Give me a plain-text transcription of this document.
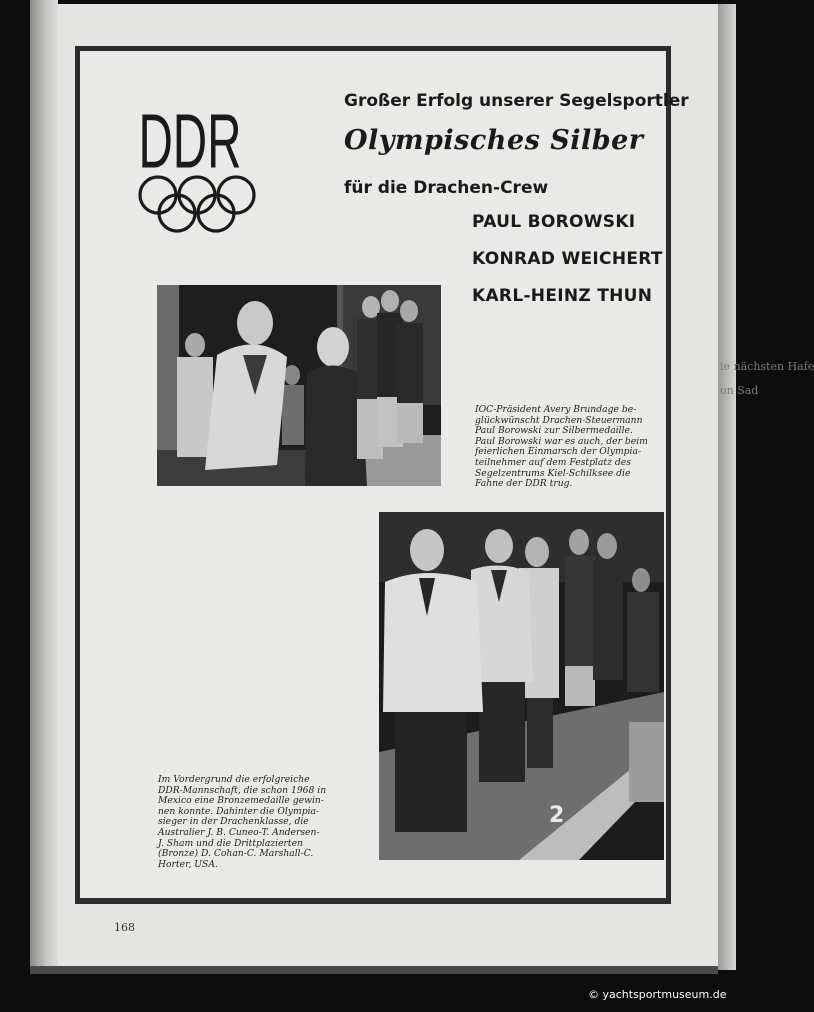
ie nächsten Hafe
on Sad
DDR	Großer Erfolg unserer Segelsportler
Olympisches Silber
für die Drachen-Crew
PAUL BOROWSKI
KONRAD WEICHERT
KARL-HEINZ THUN
IOC-Präsident Avery Brundage be-
glückwünscht Drachen-Steuermann
Paul Borowski zur Silbermedaille.
Paul Borowski war es auch, der beim
feierlichen Einmarsch der Olympia-
teilnehmer auf dem Festplatz des
Segelzentrums Kiel-Schilksee die
Fahne der DDR trug.
2
Im Vordergrund die erfolgreiche
DDR-Mannschaft, die schon 1968 in
Mexico eine Bronzemedaille gewin-
nen konnte. Dahinter die Olympia-
sieger in der Drachenklasse, die
Australier J. B. Cuneo-T. Andersen-
J. Sham und die Drittplazierten
(Bronze) D. Cohan-C. Marshall-C.
Horter, USA.
168
© yachtsportmuseum.de
